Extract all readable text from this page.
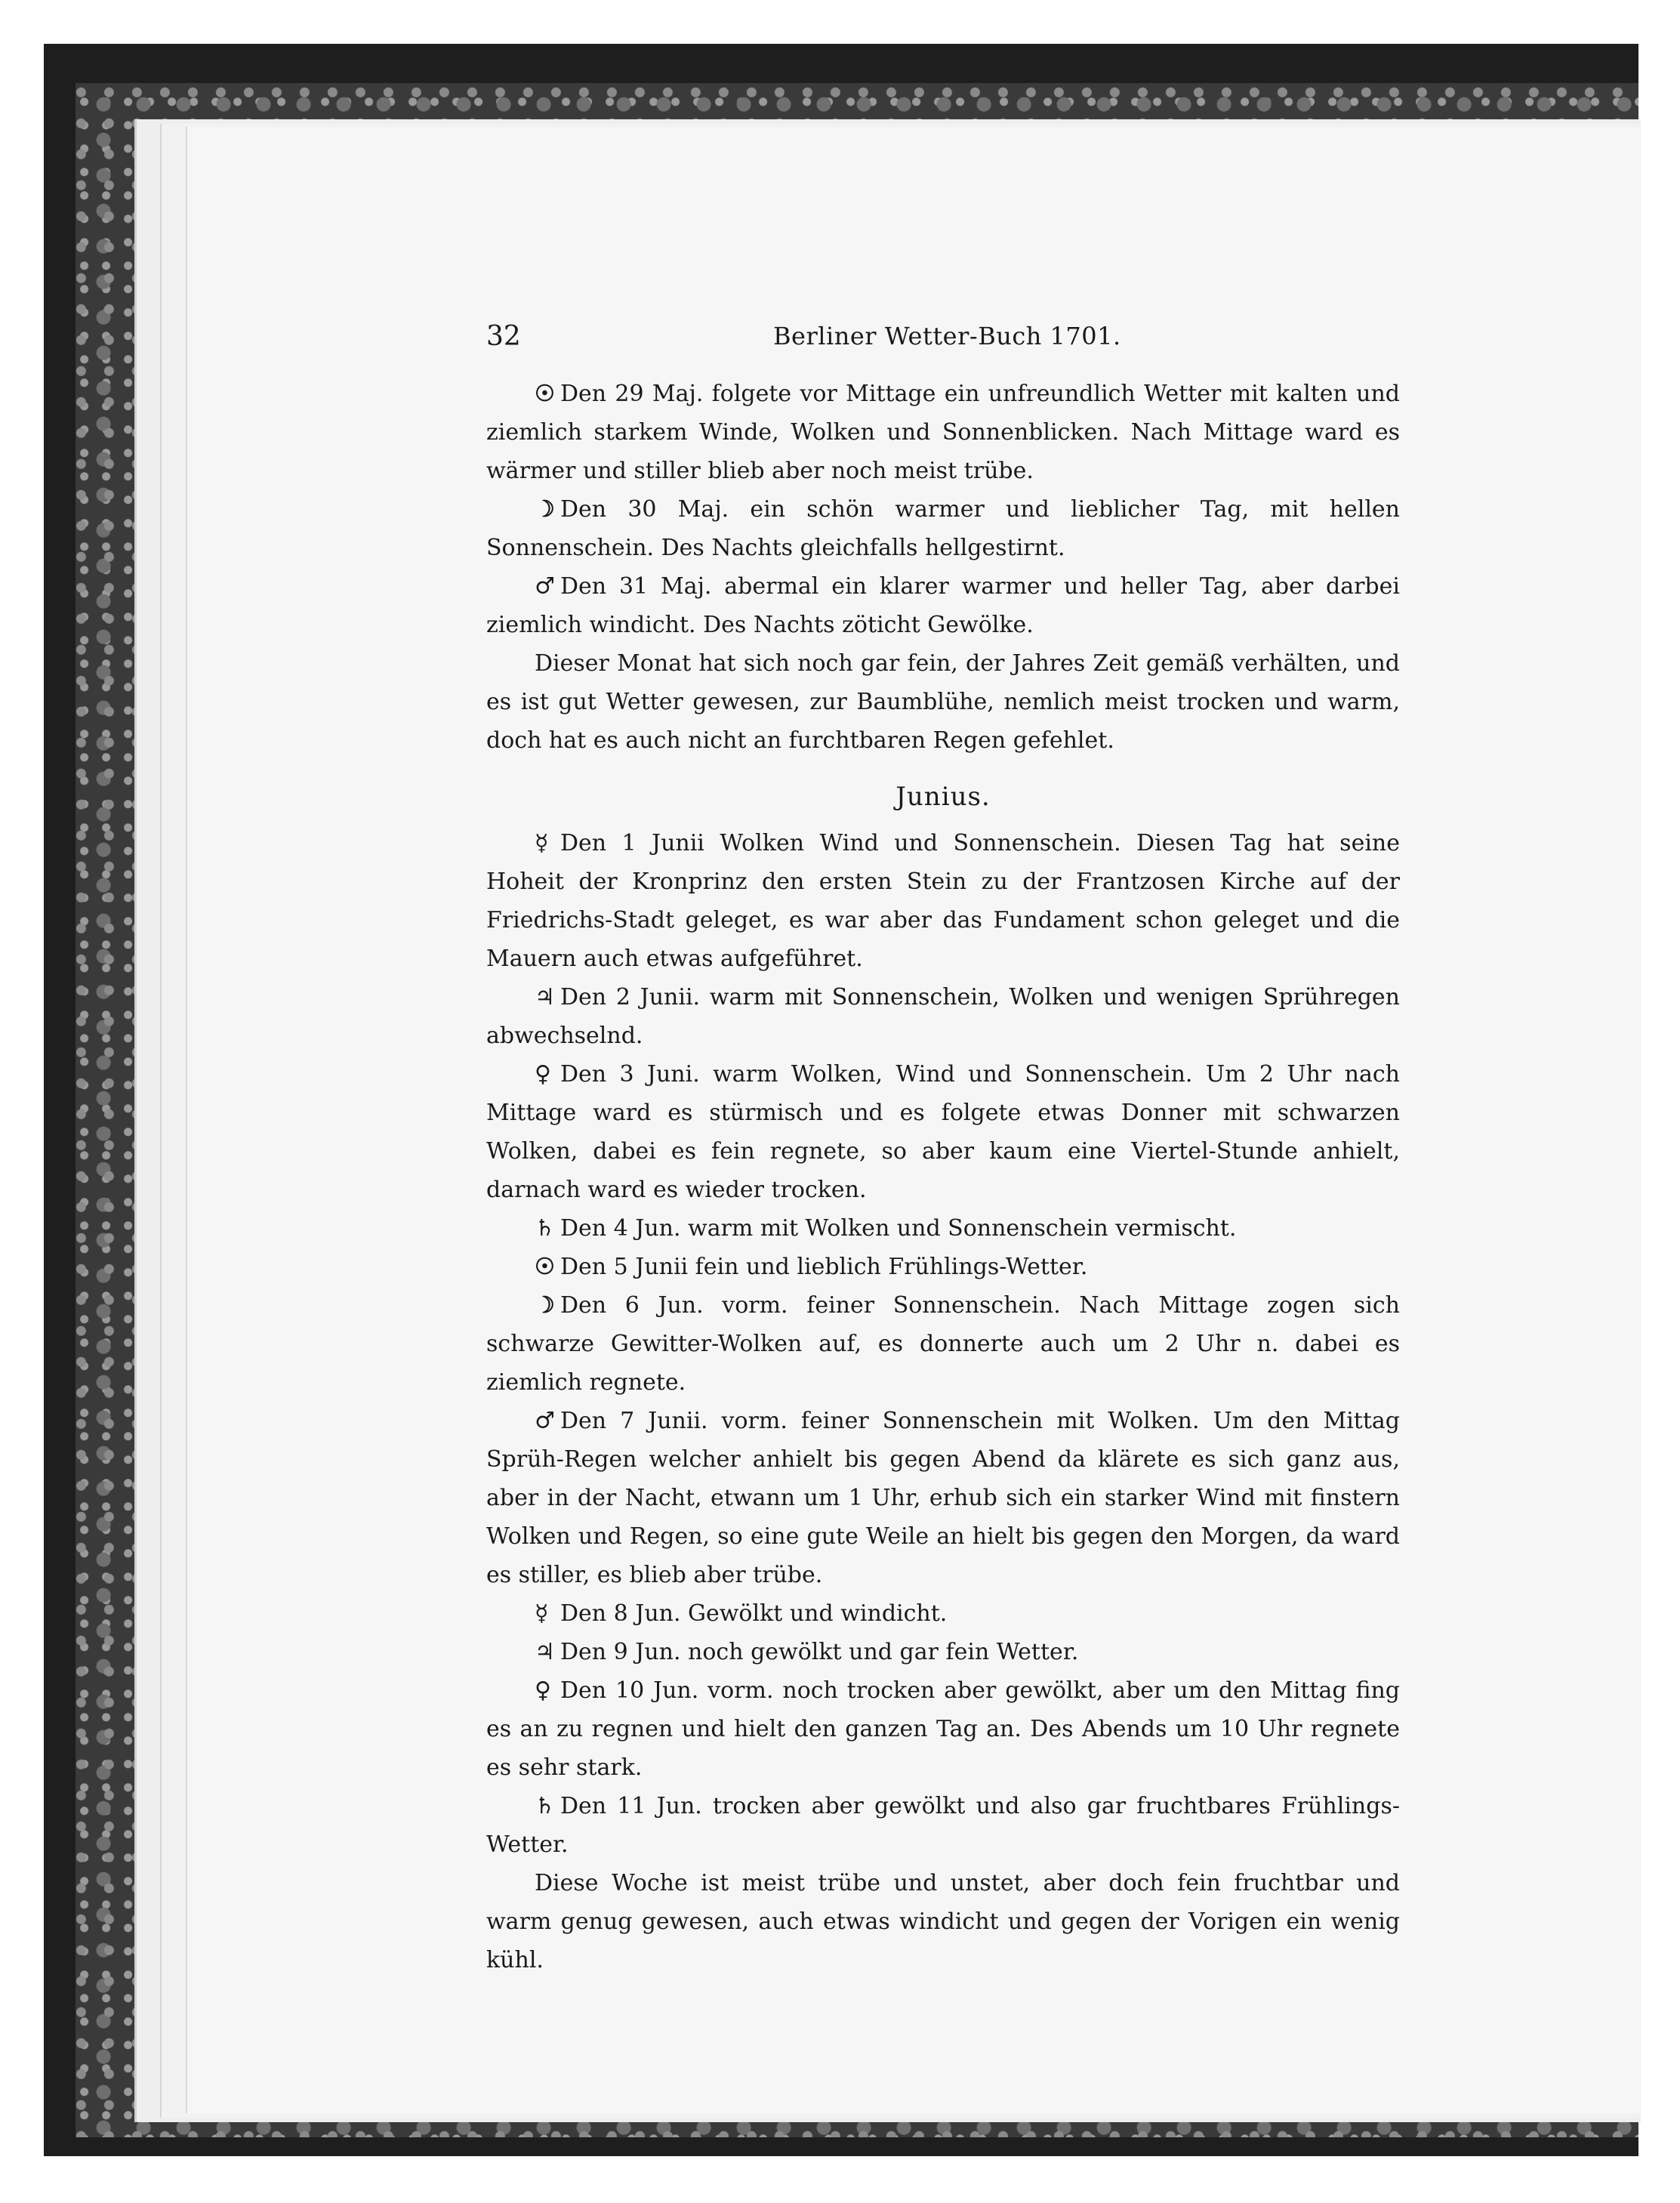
32	Berliner Wetter-Buch 1701.

☉ Den 29 Maj. folgete vor Mittage ein unfreundlich Wetter mit kalten und ziemlich starkem Winde, Wolken und Sonnenblicken. Nach Mittage ward es wärmer und stiller blieb aber noch meist trübe.

☽ Den 30 Maj. ein schön warmer und lieblicher Tag, mit hellen Sonnenschein. Des Nachts gleichfalls hellgestirnt.

♂ Den 31 Maj. abermal ein klarer warmer und heller Tag, aber darbei ziemlich windicht. Des Nachts zöticht Gewölke.

Dieser Monat hat sich noch gar fein, der Jahres Zeit gemäß verhälten, und es ist gut Wetter gewesen, zur Baumblühe, nemlich meist trocken und warm, doch hat es auch nicht an furchtbaren Regen gefehlet.

Junius.

☿ Den 1 Junii Wolken Wind und Sonnenschein. Diesen Tag hat seine Hoheit der Kronprinz den ersten Stein zu der Frantzosen Kirche auf der Friedrichs-Stadt geleget, es war aber das Fundament schon geleget und die Mauern auch etwas aufgeführet.

♃ Den 2 Junii. warm mit Sonnenschein, Wolken und wenigen Sprühregen abwechselnd.

♀ Den 3 Juni. warm Wolken, Wind und Sonnenschein. Um 2 Uhr nach Mittage ward es stürmisch und es folgete etwas Donner mit schwarzen Wolken, dabei es fein regnete, so aber kaum eine Viertel-Stunde anhielt, darnach ward es wieder trocken.

♄ Den 4 Jun. warm mit Wolken und Sonnenschein vermischt.

☉ Den 5 Junii fein und lieblich Frühlings-Wetter.

☽ Den 6 Jun. vorm. feiner Sonnenschein. Nach Mittage zogen sich schwarze Gewitter-Wolken auf, es donnerte auch um 2 Uhr n. dabei es ziemlich regnete.

♂ Den 7 Junii. vorm. feiner Sonnenschein mit Wolken. Um den Mittag Sprüh-Regen welcher anhielt bis gegen Abend da klärete es sich ganz aus, aber in der Nacht, etwann um 1 Uhr, erhub sich ein starker Wind mit finstern Wolken und Regen, so eine gute Weile an hielt bis gegen den Morgen, da ward es stiller, es blieb aber trübe.

☿ Den 8 Jun. Gewölkt und windicht.

♃ Den 9 Jun. noch gewölkt und gar fein Wetter.

♀ Den 10 Jun. vorm. noch trocken aber gewölkt, aber um den Mittag fing es an zu regnen und hielt den ganzen Tag an. Des Abends um 10 Uhr regnete es sehr stark.

♄ Den 11 Jun. trocken aber gewölkt und also gar fruchtbares Frühlings-Wetter.

Diese Woche ist meist trübe und unstet, aber doch fein fruchtbar und warm genug gewesen, auch etwas windicht und gegen der Vorigen ein wenig kühl.
